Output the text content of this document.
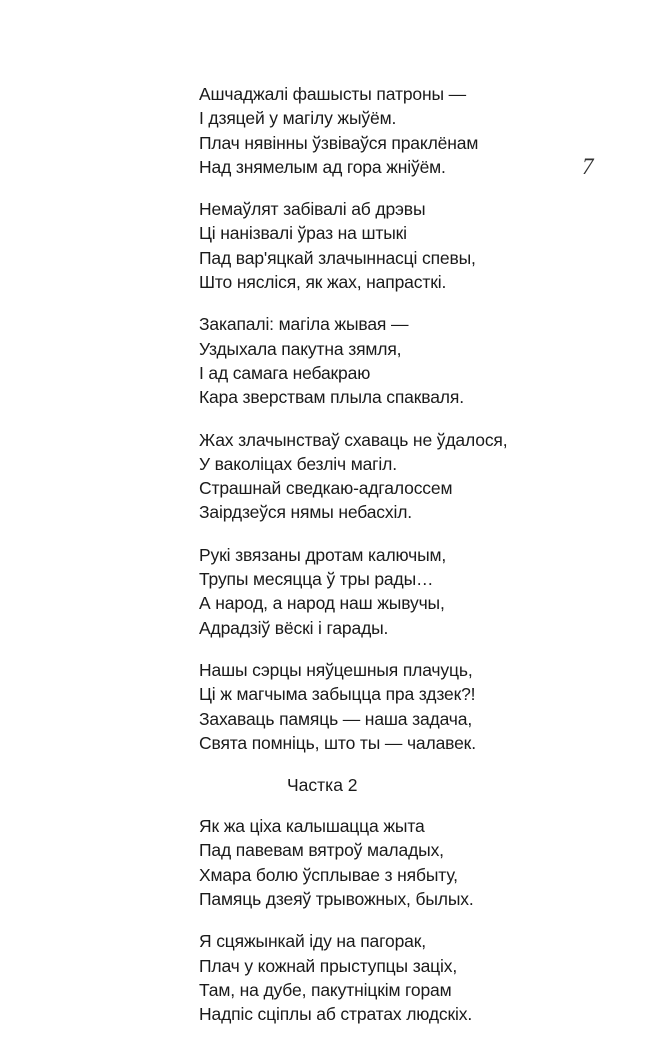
7
Ашчаджалі фашысты патроны —
І дзяцей у магілу жыўём.
Плач нявінны ўзвіваўся праклёнам
Над знямелым ад гора жніўём.
Немаўлят забівалі аб дрэвы
Ці нанізвалі ўраз на штыкі
Пад вар'яцкай злачыннасці спевы,
Што нясліся, як жах, напрасткі.
Закапалі: магіла жывая —
Уздыхала пакутна зямля,
І ад самага небакраю
Кара зверствам плыла спакваля.
Жах злачынстваў схаваць не ўдалося,
У ваколіцах безліч магіл.
Страшнай сведкаю-адгалоссем
Заірдзеўся нямы небасхіл.
Рукі звязаны дротам калючым,
Трупы месяцца ў тры рады…
А народ, а народ наш жывучы,
Адрадзіў вёскі і гарады.
Нашы сэрцы няўцешныя плачуць,
Ці ж магчыма забыцца пра здзек?!
Захаваць памяць — наша задача,
Свята помніць, што ты — чалавек.
Частка 2
Як жа ціха калышацца жыта
Пад павевам вятроў маладых,
Хмара болю ўсплывае з нябыту,
Памяць дзеяў трывожных, былых.
Я сцяжынкай іду на пагорак,
Плач у кожнай прыступцы заціх,
Там, на дубе, пакутніцкім горам
Надпіс сціплы аб стратах людскіх.
